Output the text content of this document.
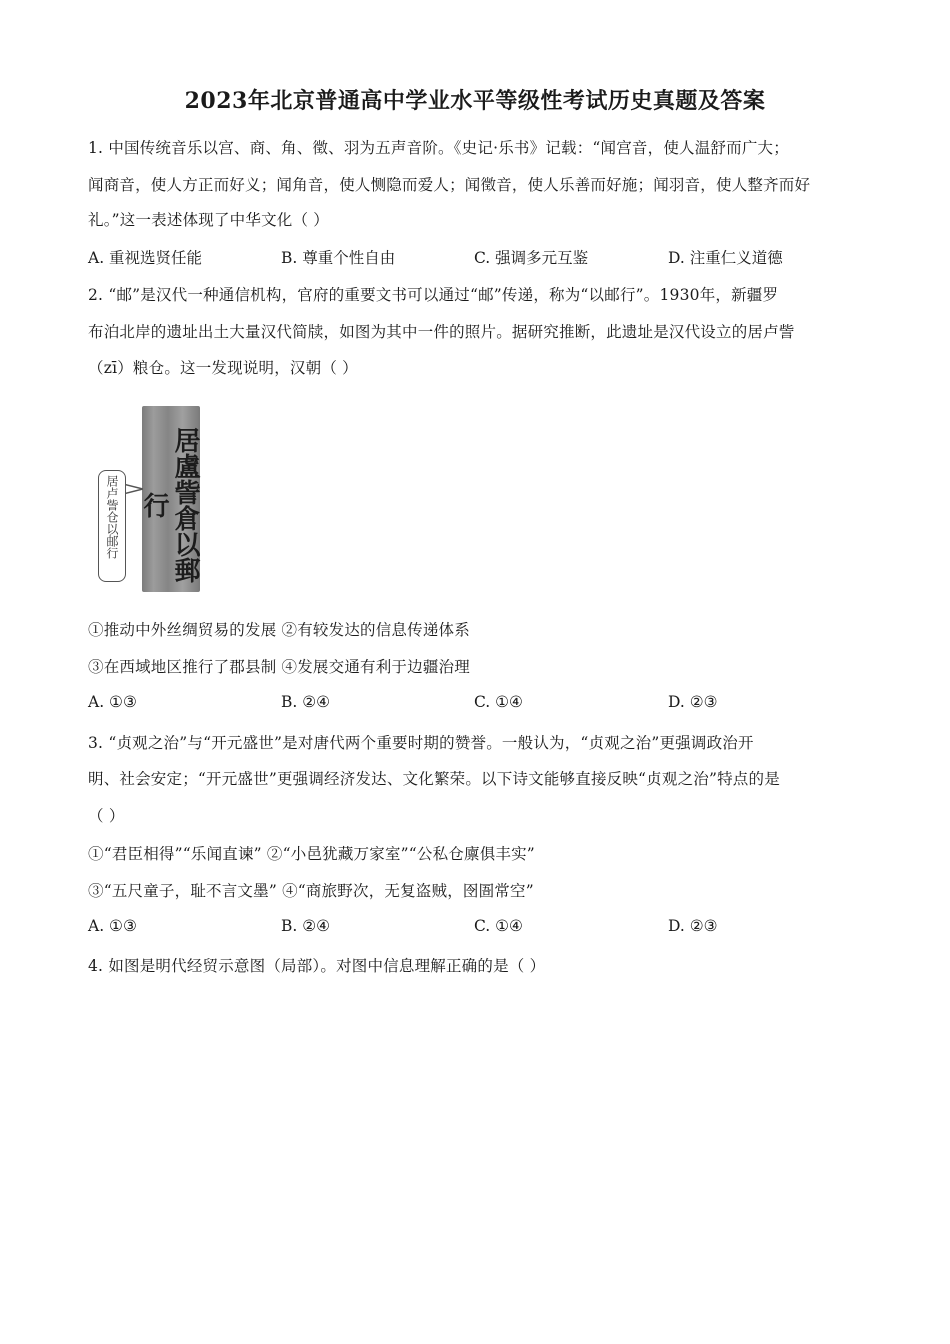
2023年北京普通高中学业水平等级性考试历史真题及答案
1. 中国传统音乐以宫、商、角、徵、羽为五声音阶。《史记·乐书》记载：“闻宫音，使人温舒而广大；
闻商音，使人方正而好义；闻角音，使人恻隐而爱人；闻徵音，使人乐善而好施；闻羽音，使人整齐而好
礼。”这一表述体现了中华文化（ ）
A. 重视选贤任能	B. 尊重个性自由	C. 强调多元互鉴	D. 注重仁义道德
2. “邮”是汉代一种通信机构，官府的重要文书可以通过“邮”传递，称为“以邮行”。1930年，新疆罗
布泊北岸的遗址出土大量汉代简牍，如图为其中一件的照片。据研究推断，此遗址是汉代设立的居卢訾
（zī）粮仓。这一发现说明，汉朝（ ）
居盧訾倉以郵行
居卢訾仓以邮行
①推动中外丝绸贸易的发展 ②有较发达的信息传递体系
③在西域地区推行了郡县制 ④发展交通有利于边疆治理
A. ①③	B. ②④	C. ①④	D. ②③
3. “贞观之治”与“开元盛世”是对唐代两个重要时期的赞誉。一般认为，“贞观之治”更强调政治开
明、社会安定；“开元盛世”更强调经济发达、文化繁荣。以下诗文能够直接反映“贞观之治”特点的是
（ ）
①“君臣相得”“乐闻直谏” ②“小邑犹藏万家室”“公私仓廪俱丰实”
③“五尺童子，耻不言文墨” ④“商旅野次，无复盗贼，囹圄常空”
A. ①③	B. ②④	C. ①④	D. ②③
4. 如图是明代经贸示意图（局部）。对图中信息理解正确的是（ ）
